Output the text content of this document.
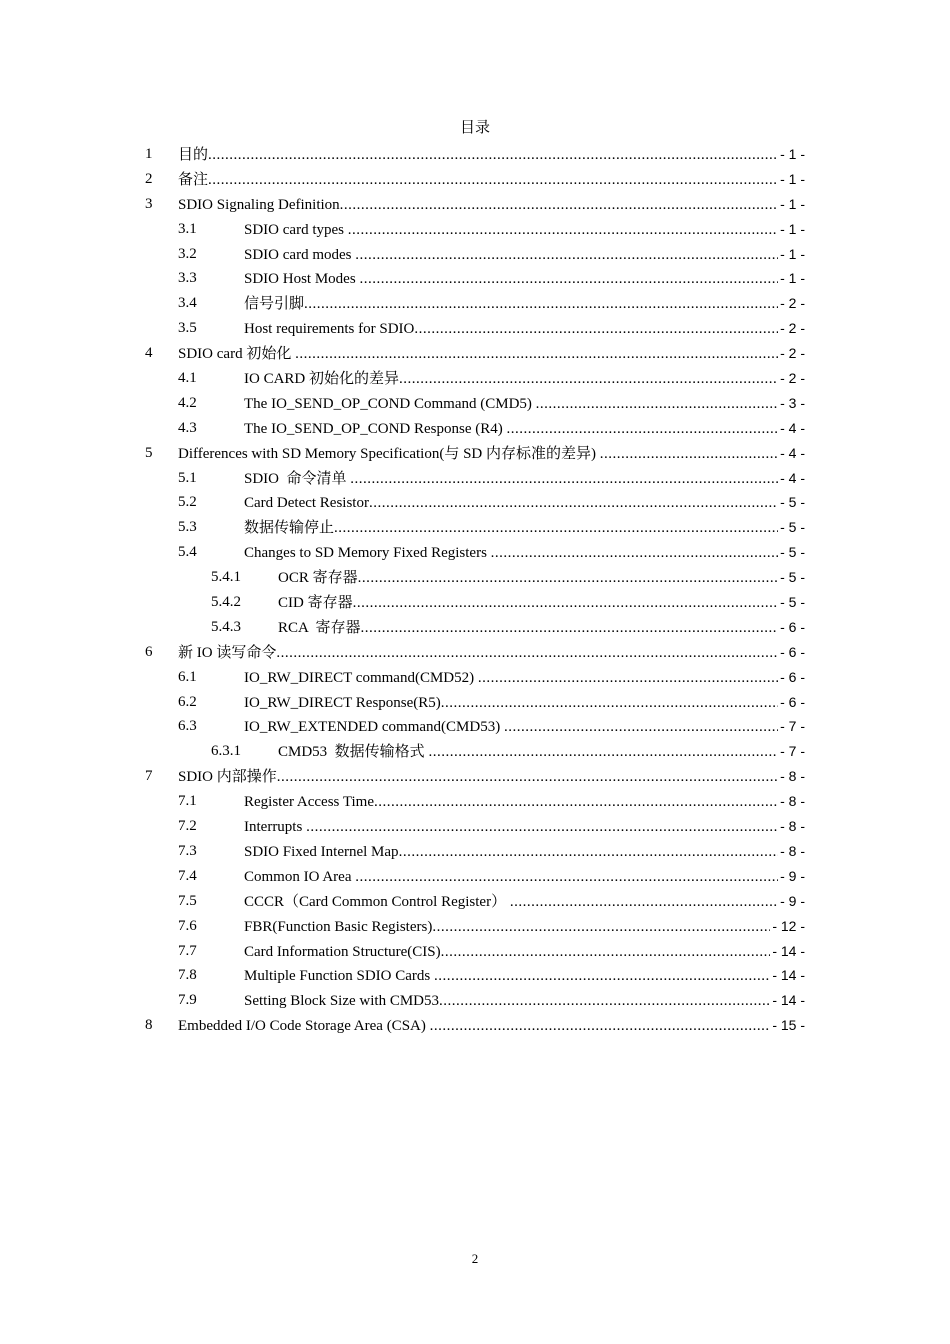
目录
1 目的 .....	- 1 -
2 备注 .....	- 1 -
3 SDIO Signaling Definition .....	- 1 -
3.1	SDIO card types .....	- 1 -
3.2	SDIO card modes .....	- 1 -
3.3	SDIO Host Modes .....	- 1 -
3.4	信号引脚 .....	- 2 -
3.5	Host requirements for SDIO .....	- 2 -
4 SDIO card 初始化 .....	- 2 -
4.1	IO CARD 初始化的差异 .....	- 2 -
4.2	The IO_SEND_OP_COND Command (CMD5) .....	- 3 -
4.3	The IO_SEND_OP_COND Response (R4) .....	- 4 -
5 Differences with SD Memory Specification(与 SD 内存标准的差异) .....	- 4 -
5.1	SDIO  命令清单 .....	- 4 -
5.2	Card Detect Resistor .....	- 5 -
5.3	数据传输停止 .....	- 5 -
5.4	Changes to SD Memory Fixed Registers .....	- 5 -
5.4.1 OCR 寄存器 .....	- 5 -
5.4.2 CID 寄存器 .....	- 5 -
5.4.3 RCA  寄存器 .....	- 6 -
6 新 IO 读写命令 .....	- 6 -
6.1	IO_RW_DIRECT command(CMD52) .....	- 6 -
6.2	IO_RW_DIRECT Response(R5) .....	- 6 -
6.3	IO_RW_EXTENDED command(CMD53) .....	- 7 -
6.3.1 CMD53  数据传输格式 .....	- 7 -
7 SDIO 内部操作 .....	- 8 -
7.1	Register Access Time .....	- 8 -
7.2	Interrupts .....	- 8 -
7.3	SDIO Fixed Internel Map .....	- 8 -
7.4	Common IO Area .....	- 9 -
7.5	CCCR（Card Common Control Register） .....	- 9 -
7.6	FBR(Function Basic Registers) .....	- 12 -
7.7	Card Information Structure(CIS) .....	- 14 -
7.8	Multiple Function SDIO Cards .....	- 14 -
7.9	Setting Block Size with CMD53 .....	- 14 -
8 Embedded I/O Code Storage Area (CSA) .....	- 15 -
2
